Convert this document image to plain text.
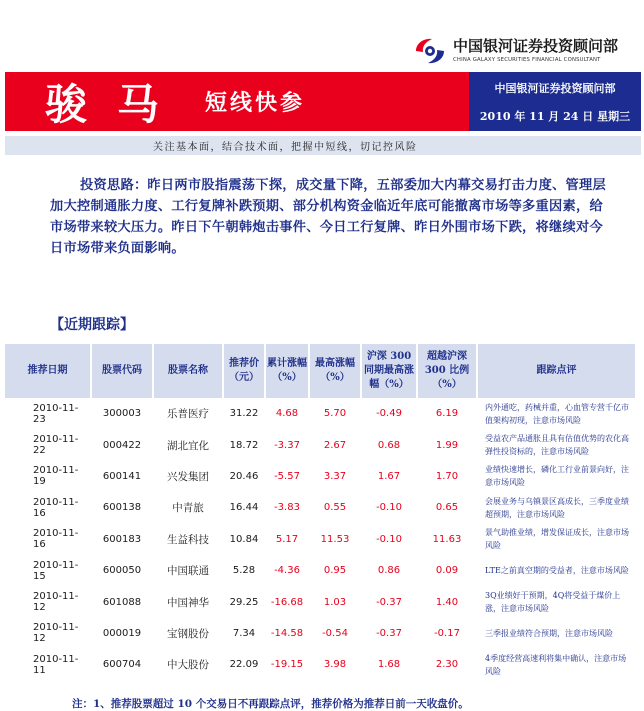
中国银河证券投资顾问部
CHINA GALAXY SECURITIES FINANCIAL CONSULTANT
骏马 短线快参
中国银河证券投资顾问部
2010 年 11 月 24 日 星期三
关注基本面，结合技术面，把握中短线，切记控风险
投资思路：昨日两市股指震荡下探，成交量下降，五部委加大内幕交易打击力度、管理层加大控制通胀力度、工行复牌补跌预期、部分机构资金临近年底可能撤离市场等多重因素，给市场带来较大压力。昨日下午朝韩炮击事件、今日工行复牌、昨日外围市场下跌，将继续对今日市场带来负面影响。
【近期跟踪】
推荐日期	股票代码	股票名称	推荐价（元）	累计涨幅（%）	最高涨幅（%）	沪深 300 同期最高涨幅（%）	超越沪深 300 比例（%）	跟踪点评
2010-11-23	300003	乐普医疗	31.22	4.68	5.70	-0.49	6.19	内外通吃，药械并重，心血管专营千亿市值架构初现，注意市场风险
2010-11-22	000422	湖北宜化	18.72	-3.37	2.67	0.68	1.99	受益农产品通胀且具有估值优势的农化高弹性投资标的，注意市场风险
2010-11-19	600141	兴发集团	20.46	-5.57	3.37	1.67	1.70	业绩快速增长，磷化工行业前景向好，注意市场风险
2010-11-16	600138	中青旅	16.44	-3.83	0.55	-0.10	0.65	会展业务与乌镇景区高成长，三季度业绩超预期，注意市场风险
2010-11-16	600183	生益科技	10.84	5.17	11.53	-0.10	11.63	景气助推业绩，增发保证成长，注意市场风险
2010-11-15	600050	中国联通	5.28	-4.36	0.95	0.86	0.09	LTE之前真空期的受益者，注意市场风险
2010-11-12	601088	中国神华	29.25	-16.68	1.03	-0.37	1.40	3Q业绩好于预期，4Q将受益于煤价上涨，注意市场风险
2010-11-12	000019	宝钢股份	7.34	-14.58	-0.54	-0.37	-0.17	三季报业绩符合预期，注意市场风险
2010-11-11	600704	中大股份	22.09	-19.15	3.98	1.68	2.30	4季度经营高速利将集中确认，注意市场风险
注：1、推荐股票超过 10 个交易日不再跟踪点评，推荐价格为推荐日前一天收盘价。
